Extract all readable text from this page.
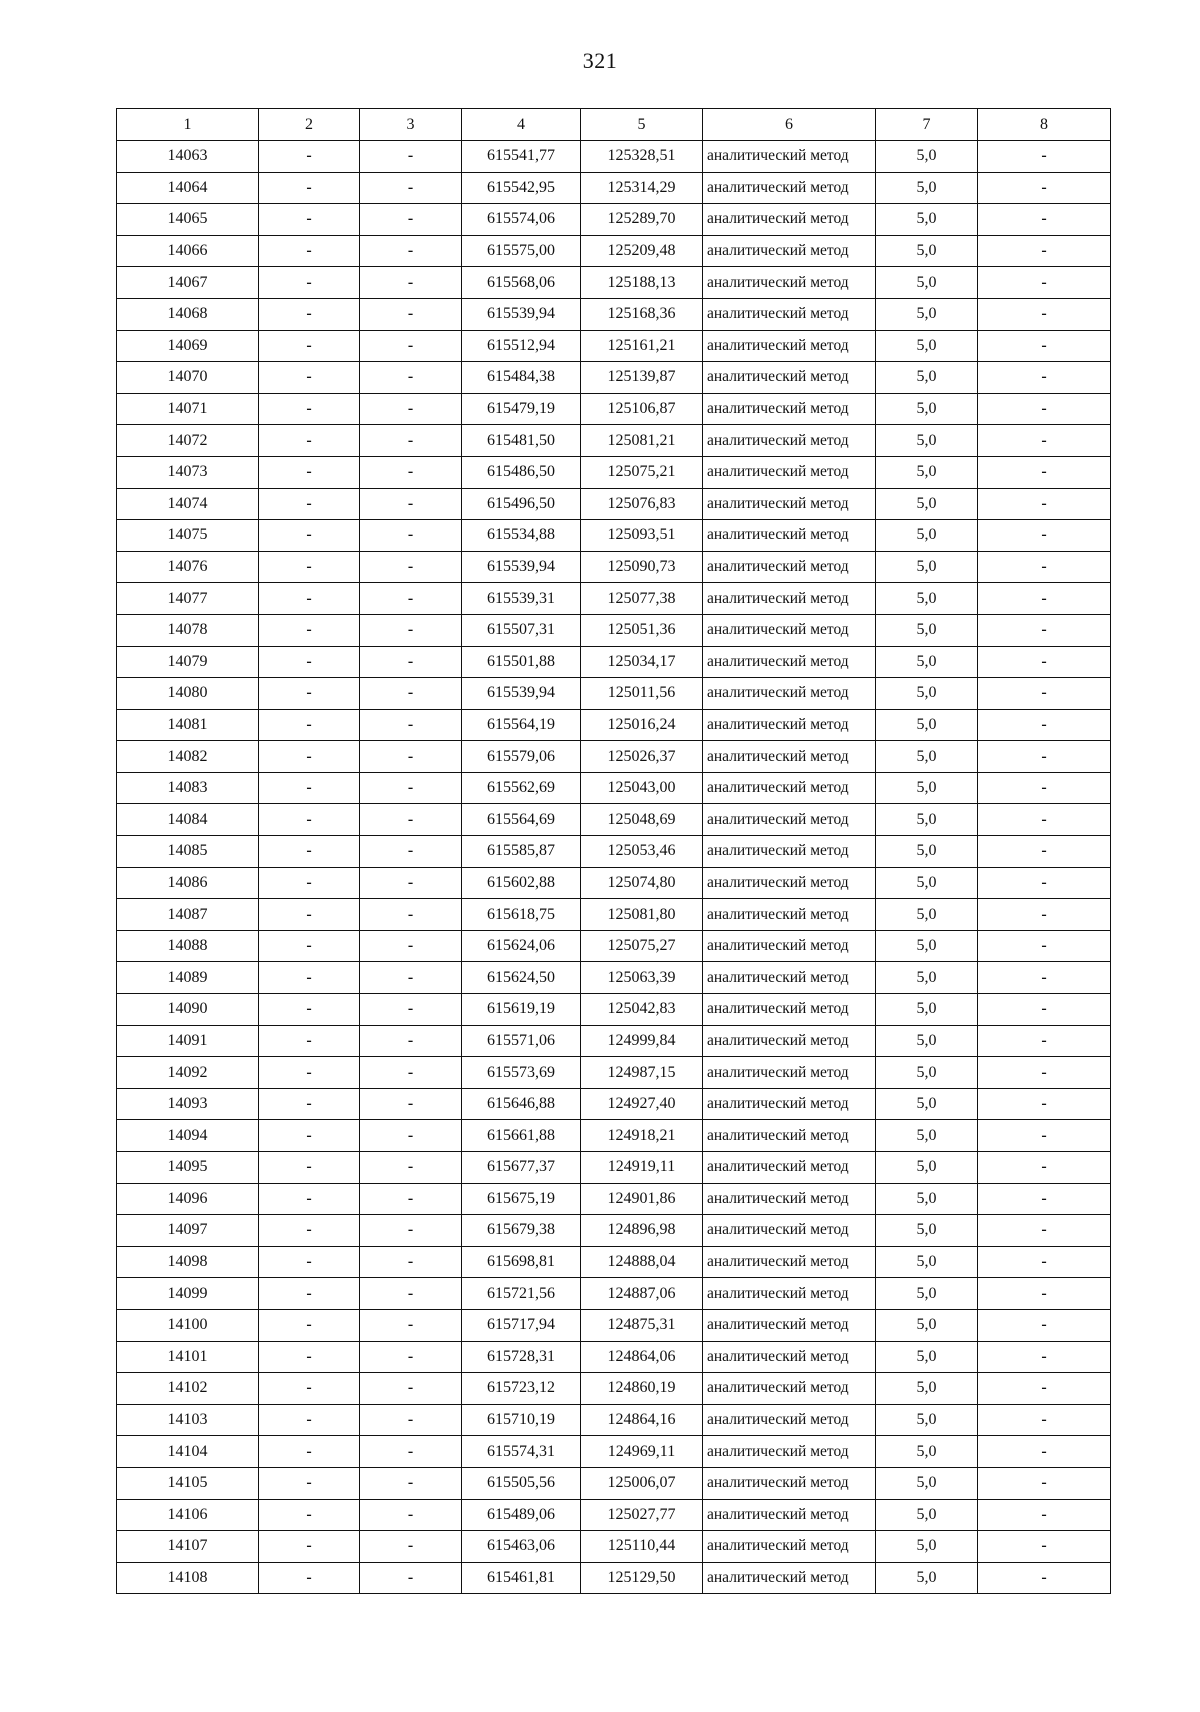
321
1	2	3	4	5	6	7	8
14063	-	-	615541,77	125328,51	аналитический метод	5,0	-
14064	-	-	615542,95	125314,29	аналитический метод	5,0	-
14065	-	-	615574,06	125289,70	аналитический метод	5,0	-
14066	-	-	615575,00	125209,48	аналитический метод	5,0	-
14067	-	-	615568,06	125188,13	аналитический метод	5,0	-
14068	-	-	615539,94	125168,36	аналитический метод	5,0	-
14069	-	-	615512,94	125161,21	аналитический метод	5,0	-
14070	-	-	615484,38	125139,87	аналитический метод	5,0	-
14071	-	-	615479,19	125106,87	аналитический метод	5,0	-
14072	-	-	615481,50	125081,21	аналитический метод	5,0	-
14073	-	-	615486,50	125075,21	аналитический метод	5,0	-
14074	-	-	615496,50	125076,83	аналитический метод	5,0	-
14075	-	-	615534,88	125093,51	аналитический метод	5,0	-
14076	-	-	615539,94	125090,73	аналитический метод	5,0	-
14077	-	-	615539,31	125077,38	аналитический метод	5,0	-
14078	-	-	615507,31	125051,36	аналитический метод	5,0	-
14079	-	-	615501,88	125034,17	аналитический метод	5,0	-
14080	-	-	615539,94	125011,56	аналитический метод	5,0	-
14081	-	-	615564,19	125016,24	аналитический метод	5,0	-
14082	-	-	615579,06	125026,37	аналитический метод	5,0	-
14083	-	-	615562,69	125043,00	аналитический метод	5,0	-
14084	-	-	615564,69	125048,69	аналитический метод	5,0	-
14085	-	-	615585,87	125053,46	аналитический метод	5,0	-
14086	-	-	615602,88	125074,80	аналитический метод	5,0	-
14087	-	-	615618,75	125081,80	аналитический метод	5,0	-
14088	-	-	615624,06	125075,27	аналитический метод	5,0	-
14089	-	-	615624,50	125063,39	аналитический метод	5,0	-
14090	-	-	615619,19	125042,83	аналитический метод	5,0	-
14091	-	-	615571,06	124999,84	аналитический метод	5,0	-
14092	-	-	615573,69	124987,15	аналитический метод	5,0	-
14093	-	-	615646,88	124927,40	аналитический метод	5,0	-
14094	-	-	615661,88	124918,21	аналитический метод	5,0	-
14095	-	-	615677,37	124919,11	аналитический метод	5,0	-
14096	-	-	615675,19	124901,86	аналитический метод	5,0	-
14097	-	-	615679,38	124896,98	аналитический метод	5,0	-
14098	-	-	615698,81	124888,04	аналитический метод	5,0	-
14099	-	-	615721,56	124887,06	аналитический метод	5,0	-
14100	-	-	615717,94	124875,31	аналитический метод	5,0	-
14101	-	-	615728,31	124864,06	аналитический метод	5,0	-
14102	-	-	615723,12	124860,19	аналитический метод	5,0	-
14103	-	-	615710,19	124864,16	аналитический метод	5,0	-
14104	-	-	615574,31	124969,11	аналитический метод	5,0	-
14105	-	-	615505,56	125006,07	аналитический метод	5,0	-
14106	-	-	615489,06	125027,77	аналитический метод	5,0	-
14107	-	-	615463,06	125110,44	аналитический метод	5,0	-
14108	-	-	615461,81	125129,50	аналитический метод	5,0	-
